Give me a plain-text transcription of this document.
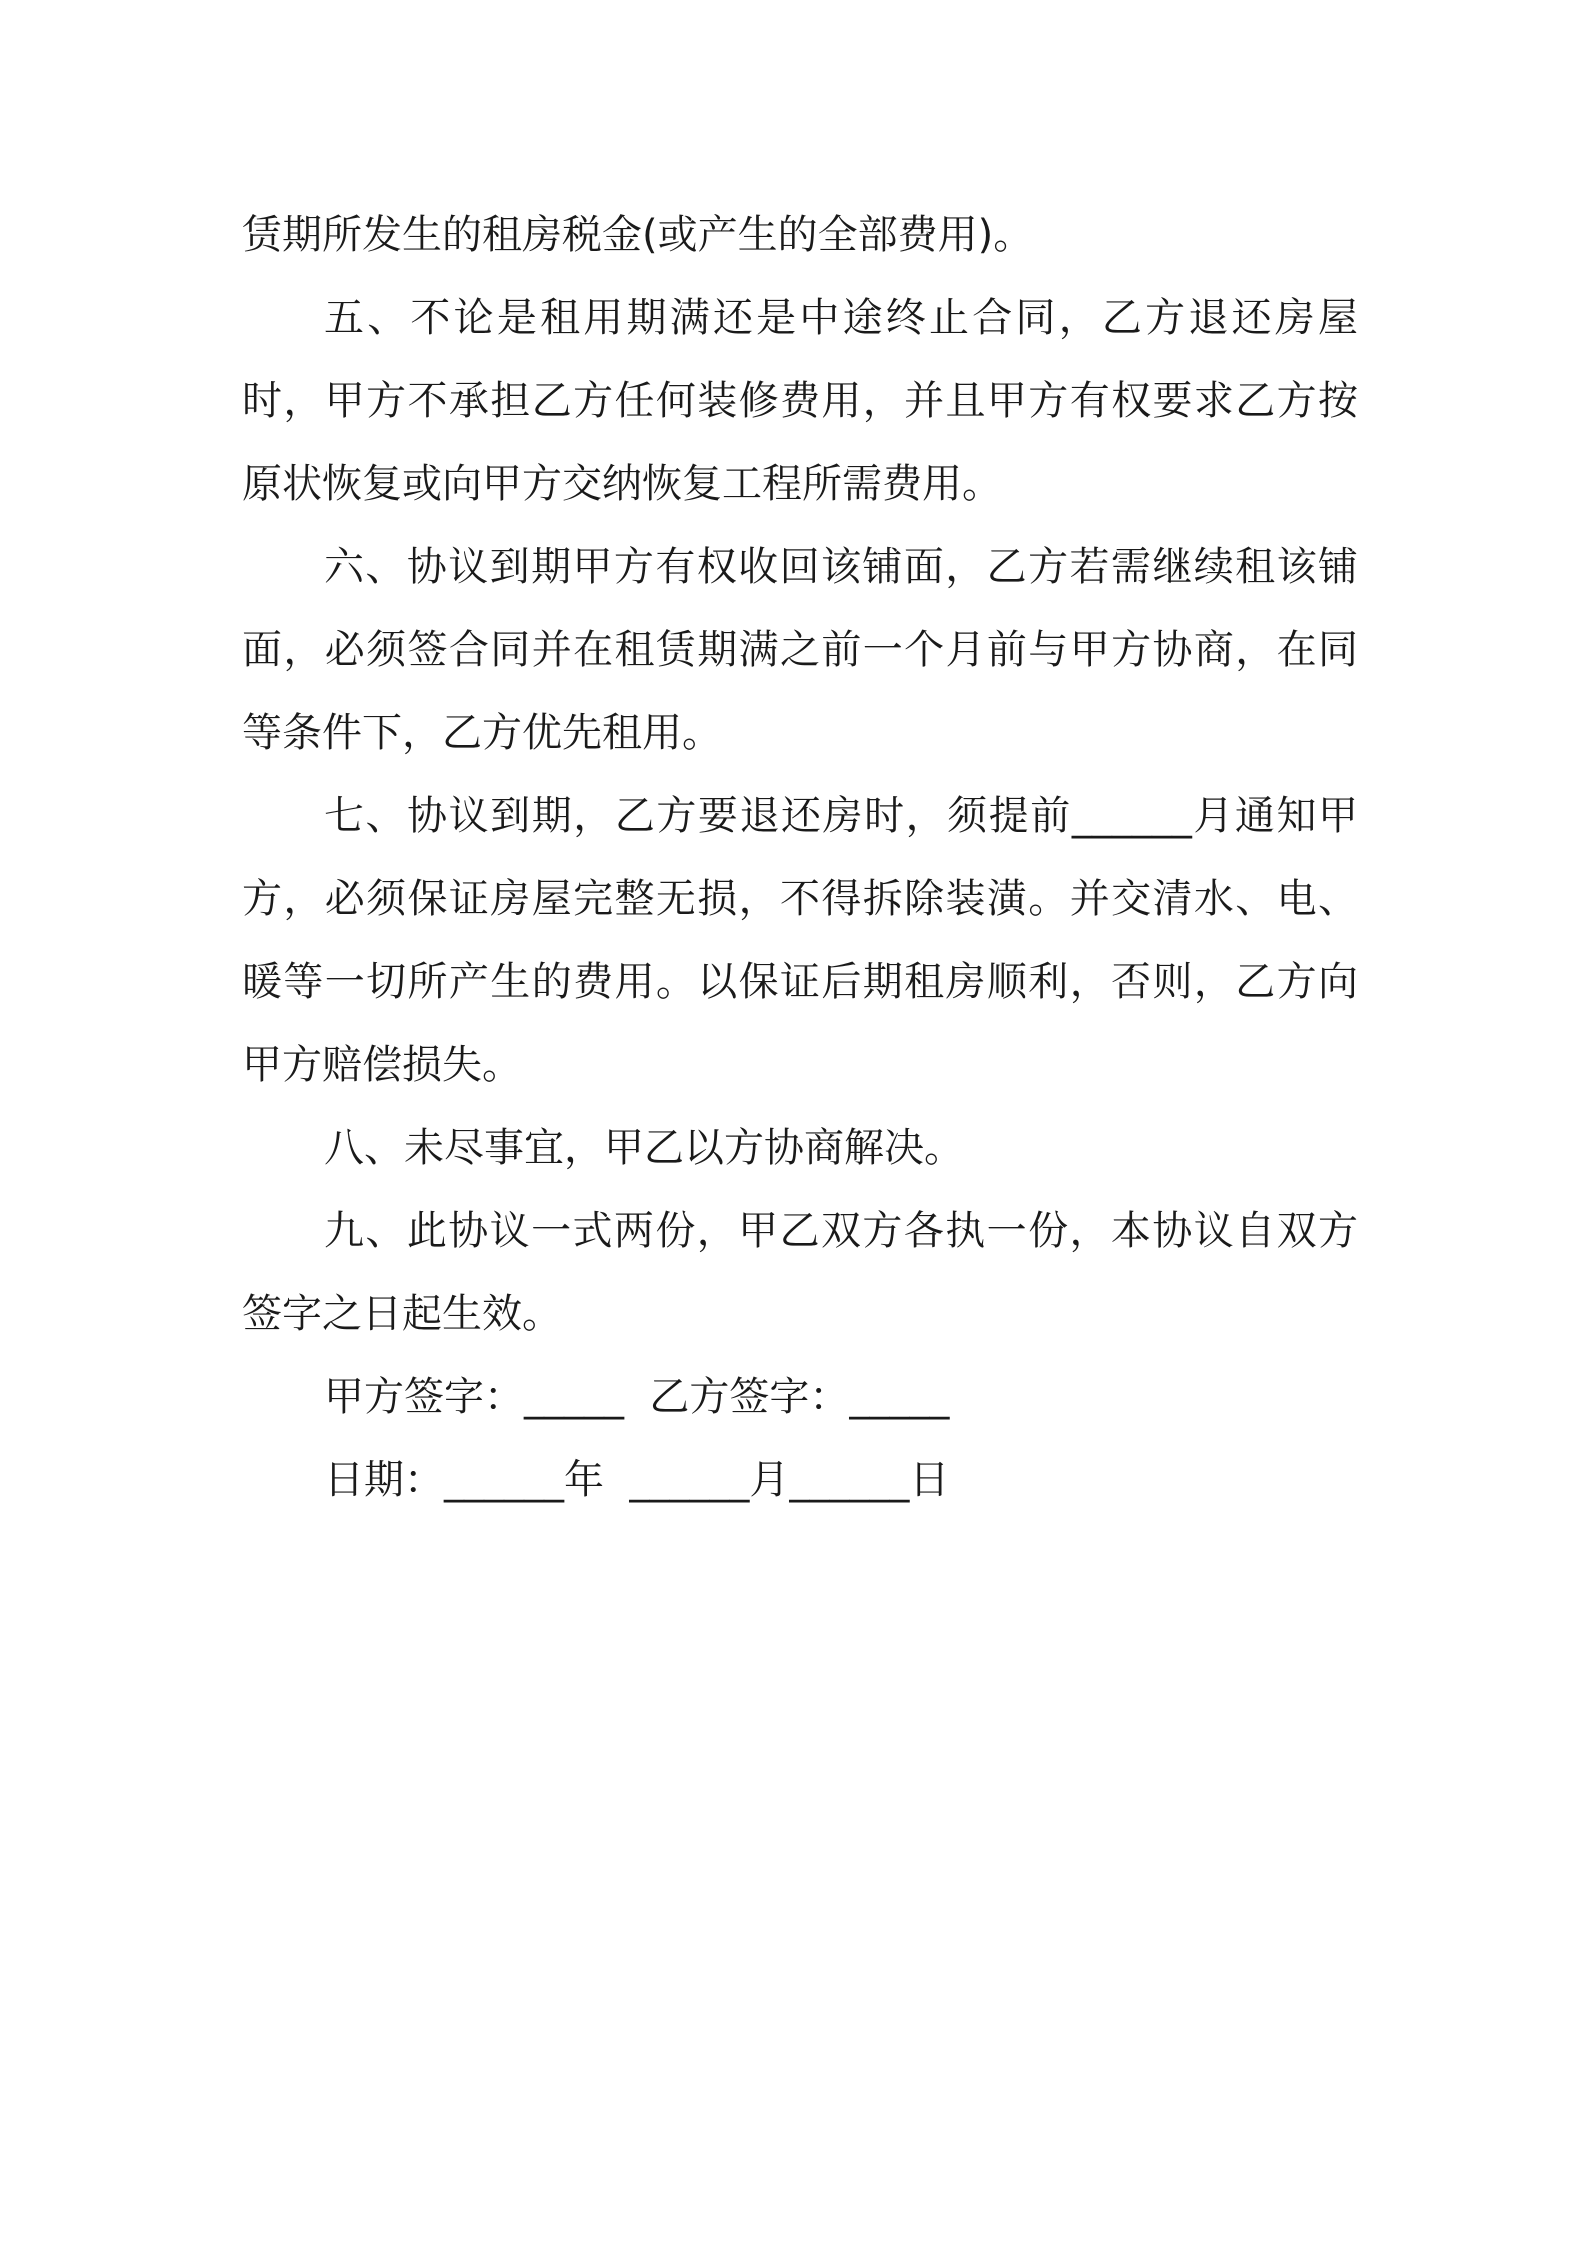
赁期所发生的租房税金(或产生的全部费用)。

五、不论是租用期满还是中途终止合同，乙方退还房屋时，甲方不承担乙方任何装修费用，并且甲方有权要求乙方按原状恢复或向甲方交纳恢复工程所需费用。

六、协议到期甲方有权收回该铺面，乙方若需继续租该铺面，必须签合同并在租赁期满之前一个月前与甲方协商，在同等条件下，乙方优先租用。

七、协议到期，乙方要退还房时，须提前______月通知甲方，必须保证房屋完整无损，不得拆除装潢。并交清水、电、暖等一切所产生的费用。以保证后期租房顺利，否则，乙方向甲方赔偿损失。

八、未尽事宜，甲乙以方协商解决。

九、此协议一式两份，甲乙双方各执一份，本协议自双方签字之日起生效。

甲方签字：_____  乙方签字：_____

日期：______年  ______月______日
